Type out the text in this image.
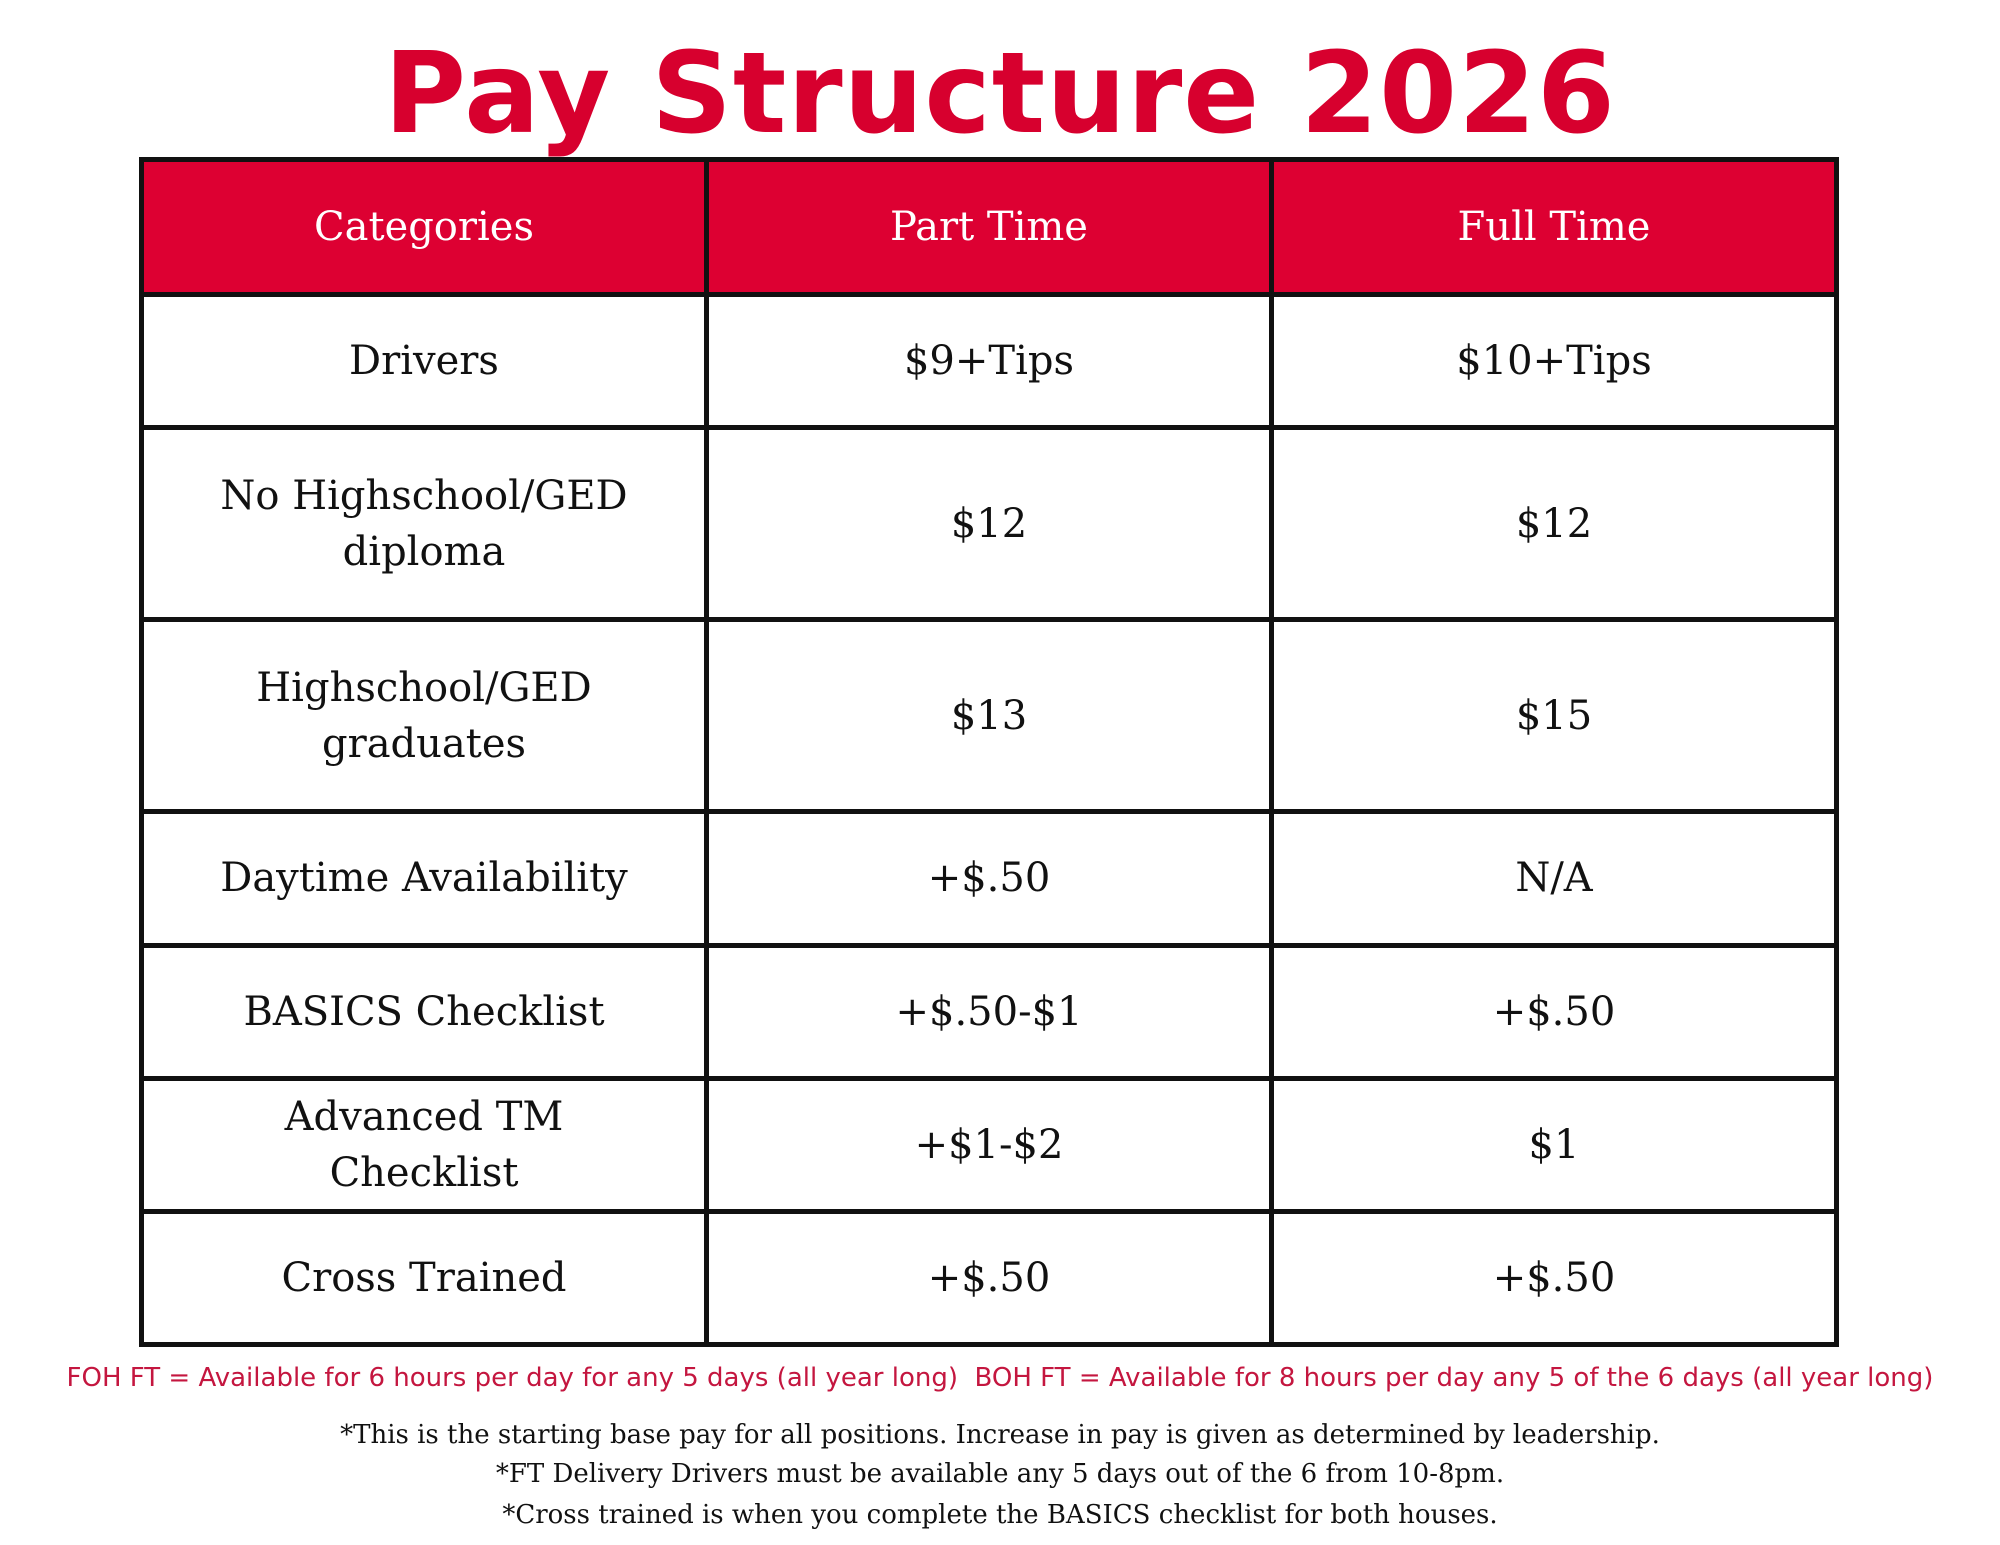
Pay Structure 2026
Categories	Part Time	Full Time
Drivers	$9+Tips	$10+Tips
No Highschool/GED diploma	$12	$12
Highschool/GED graduates	$13	$15
Daytime Availability	+$.50	N/A
BASICS Checklist	+$.50-$1	+$.50
Advanced TM Checklist	+$1-$2	$1
Cross Trained	+$.50	+$.50
FOH FT = Available for 6 hours per day for any 5 days (all year long)  BOH FT = Available for 8 hours per day any 5 of the 6 days (all year long)
*This is the starting base pay for all positions. Increase in pay is given as determined by leadership.
*FT Delivery Drivers must be available any 5 days out of the 6 from 10-8pm.
*Cross trained is when you complete the BASICS checklist for both houses.
